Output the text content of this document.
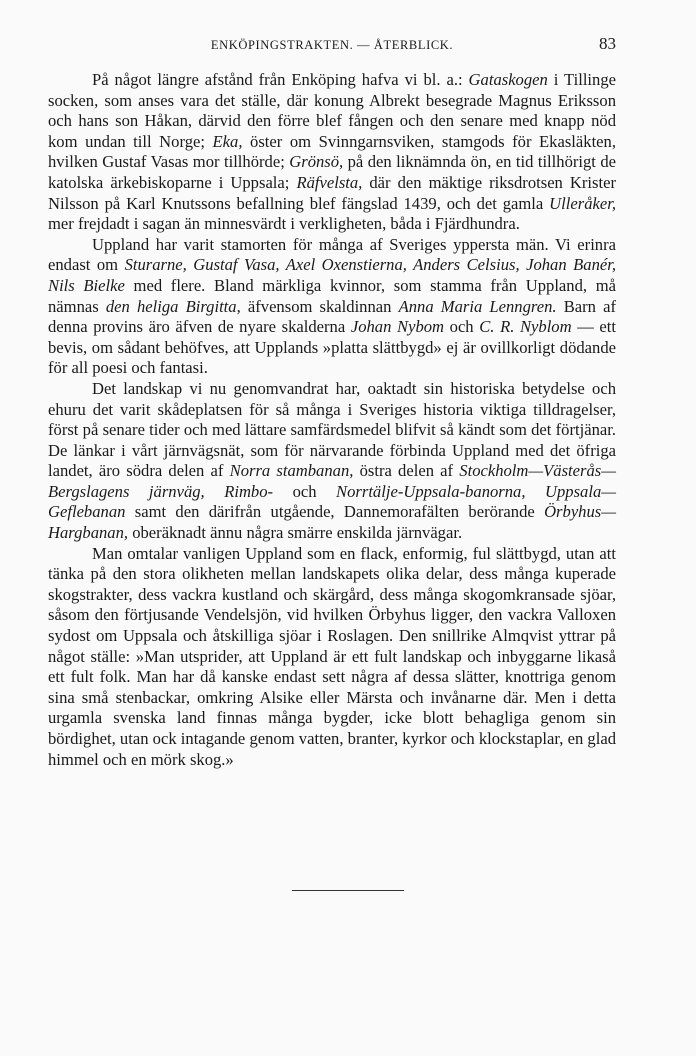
ENKÖPINGSTRAKTEN. — ÅTERBLICK.	83

På något längre afstånd från Enköping hafva vi bl. a.: Gataskogen i Tillinge socken, som anses vara det ställe, där konung Albrekt besegrade Magnus Eriksson och hans son Håkan, därvid den förre blef fången och den senare med knapp nöd kom undan till Norge; Eka, öster om Svinngarnsviken, stamgods för Ekasläkten, hvilken Gustaf Vasas mor tillhörde; Grönsö, på den liknämnda ön, en tid tillhörigt de katolska ärkebiskoparne i Uppsala; Räfvelsta, där den mäktige riksdrotsen Krister Nilsson på Karl Knutssons befallning blef fängslad 1439, och det gamla Ulleråker, mer frejdadt i sagan än minnesvärdt i verkligheten, båda i Fjärdhundra.

Uppland har varit stamorten för många af Sveriges yppersta män. Vi erinra endast om Sturarne, Gustaf Vasa, Axel Oxenstierna, Anders Celsius, Johan Banér, Nils Bielke med flere. Bland märkliga kvinnor, som stamma från Uppland, må nämnas den heliga Birgitta, äfvensom skaldinnan Anna Maria Lenngren. Barn af denna provins äro äfven de nyare skalderna Johan Nybom och C. R. Nyblom — ett bevis, om sådant behöfves, att Upplands »platta slättbygd» ej är ovillkorligt dödande för all poesi och fantasi.

Det landskap vi nu genomvandrat har, oaktadt sin historiska betydelse och ehuru det varit skådeplatsen för så många i Sveriges historia viktiga tilldragelser, först på senare tider och med lättare samfärdsmedel blifvit så kändt som det förtjänar. De länkar i vårt järnvägsnät, som för närvarande förbinda Uppland med det öfriga landet, äro södra delen af Norra stambanan, östra delen af Stockholm—Västerås—Bergslagens järnväg, Rimbo- och Norrtälje-Uppsala-banorna, Uppsala—Geflebanan samt den därifrån utgående, Dannemorafälten berörande Örbyhus—Hargbanan, oberäknadt ännu några smärre enskilda järnvägar.

Man omtalar vanligen Uppland som en flack, enformig, ful slättbygd, utan att tänka på den stora olikheten mellan landskapets olika delar, dess många kuperade skogstrakter, dess vackra kustland och skärgård, dess många skogomkransade sjöar, såsom den förtjusande Vendelsjön, vid hvilken Örbyhus ligger, den vackra Valloxen sydost om Uppsala och åtskilliga sjöar i Roslagen. Den snillrike Almqvist yttrar på något ställe: »Man utsprider, att Uppland är ett fult landskap och inbyggarne likaså ett fult folk. Man har då kanske endast sett några af dessa slätter, knottriga genom sina små stenbackar, omkring Alsike eller Märsta och invånarne där. Men i detta urgamla svenska land finnas många bygder, icke blott behagliga genom sin bördighet, utan ock intagande genom vatten, branter, kyrkor och klockstaplar, en glad himmel och en mörk skog.»
